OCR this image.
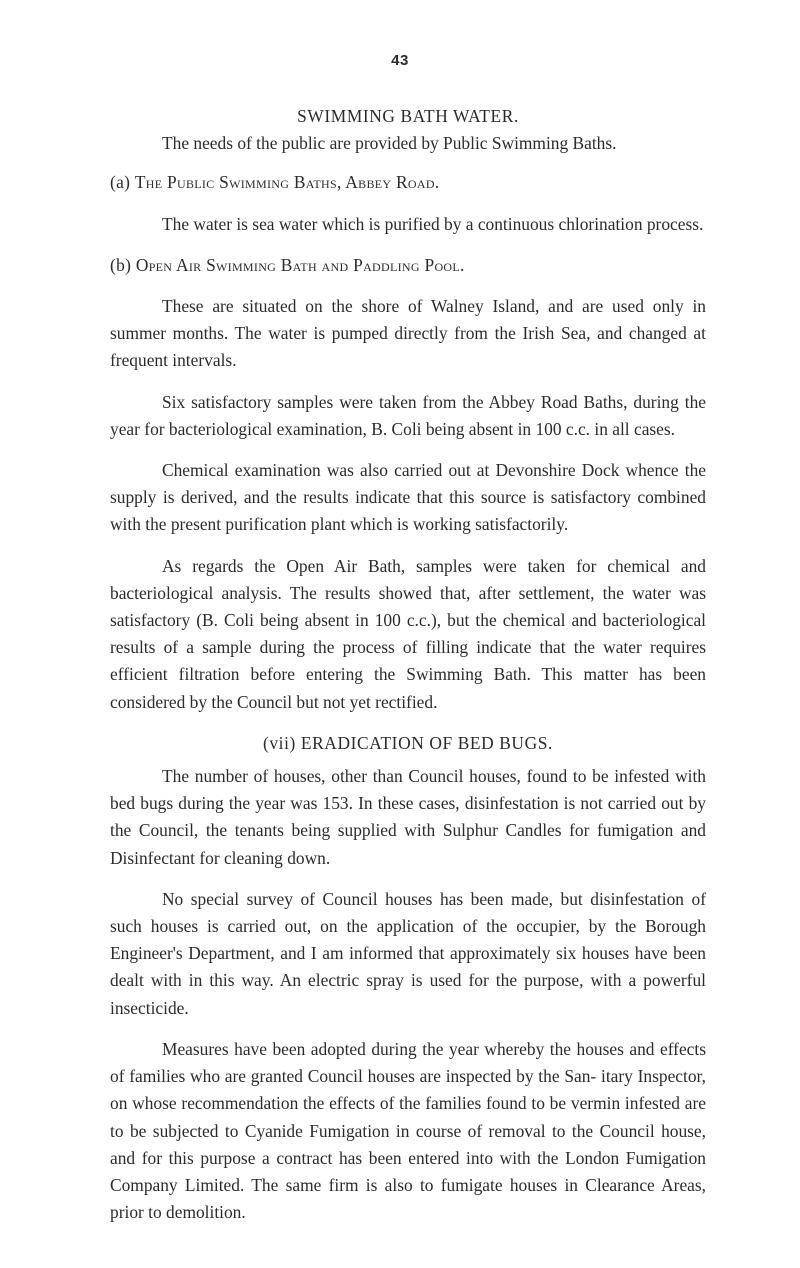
43
SWIMMING BATH WATER.

The needs of the public are provided by Public Swimming Baths.

(a) The Public Swimming Baths, Abbey Road.

The water is sea water which is purified by a continuous chlorination process.

(b) Open Air Swimming Bath and Paddling Pool.

These are situated on the shore of Walney Island, and are used only in summer months. The water is pumped directly from the Irish Sea, and changed at frequent intervals.

Six satisfactory samples were taken from the Abbey Road Baths, during the year for bacteriological examination, B. Coli being absent in 100 c.c. in all cases.

Chemical examination was also carried out at Devonshire Dock whence the supply is derived, and the results indicate that this source is satisfactory combined with the present purification plant which is working satisfactorily.

As regards the Open Air Bath, samples were taken for chemical and bacteriological analysis. The results showed that, after settlement, the water was satisfactory (B. Coli being absent in 100 c.c.), but the chemical and bacteriological results of a sample during the process of filling indicate that the water requires efficient filtration before entering the Swimming Bath. This matter has been considered by the Council but not yet rectified.

(vii) ERADICATION OF BED BUGS.

The number of houses, other than Council houses, found to be infested with bed bugs during the year was 153. In these cases, disinfestation is not carried out by the Council, the tenants being supplied with Sulphur Candles for fumigation and Disinfectant for cleaning down.

No special survey of Council houses has been made, but disinfestation of such houses is carried out, on the application of the occupier, by the Borough Engineer's Department, and I am informed that approximately six houses have been dealt with in this way. An electric spray is used for the purpose, with a powerful insecticide.

Measures have been adopted during the year whereby the houses and effects of families who are granted Council houses are inspected by the San- itary Inspector, on whose recommendation the effects of the families found to be vermin infested are to be subjected to Cyanide Fumigation in course of removal to the Council house, and for this purpose a contract has been entered into with the London Fumigation Company Limited. The same firm is also to fumigate houses in Clearance Areas, prior to demolition.
